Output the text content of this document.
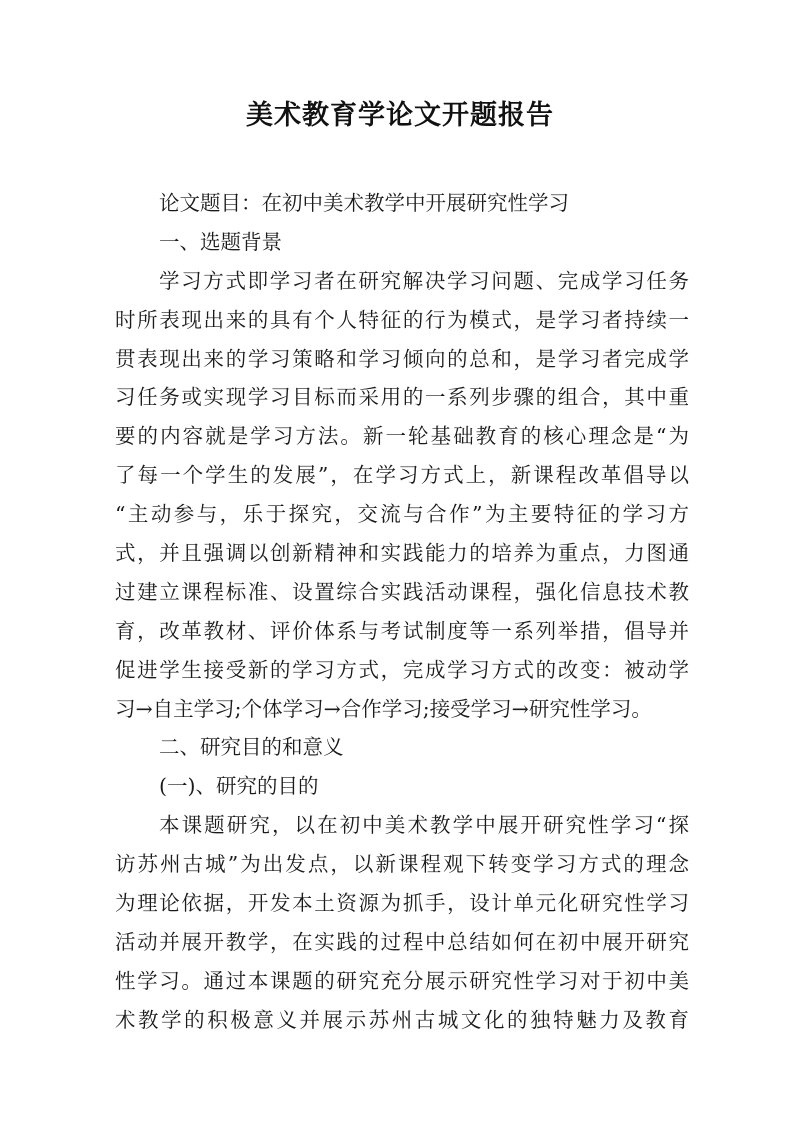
美术教育学论文开题报告
论文题目：在初中美术教学中开展研究性学习
一、选题背景
学习方式即学习者在研究解决学习问题、完成学习任务
时所表现出来的具有个人特征的行为模式，是学习者持续一
贯表现出来的学习策略和学习倾向的总和，是学习者完成学
习任务或实现学习目标而采用的一系列步骤的组合，其中重
要的内容就是学习方法。新一轮基础教育的核心理念是“为
了每一个学生的发展”，在学习方式上，新课程改革倡导以
“主动参与，乐于探究，交流与合作”为主要特征的学习方
式，并且强调以创新精神和实践能力的培养为重点，力图通
过建立课程标准、设置综合实践活动课程，强化信息技术教
育，改革教材、评价体系与考试制度等一系列举措，倡导并
促进学生接受新的学习方式，完成学习方式的改变：被动学
习→自主学习;个体学习→合作学习;接受学习→研究性学习。
二、研究目的和意义
(一)、研究的目的
本课题研究，以在初中美术教学中展开研究性学习“探
访苏州古城”为出发点，以新课程观下转变学习方式的理念
为理论依据，开发本土资源为抓手，设计单元化研究性学习
活动并展开教学，在实践的过程中总结如何在初中展开研究
性学习。通过本课题的研究充分展示研究性学习对于初中美
术教学的积极意义并展示苏州古城文化的独特魅力及教育
